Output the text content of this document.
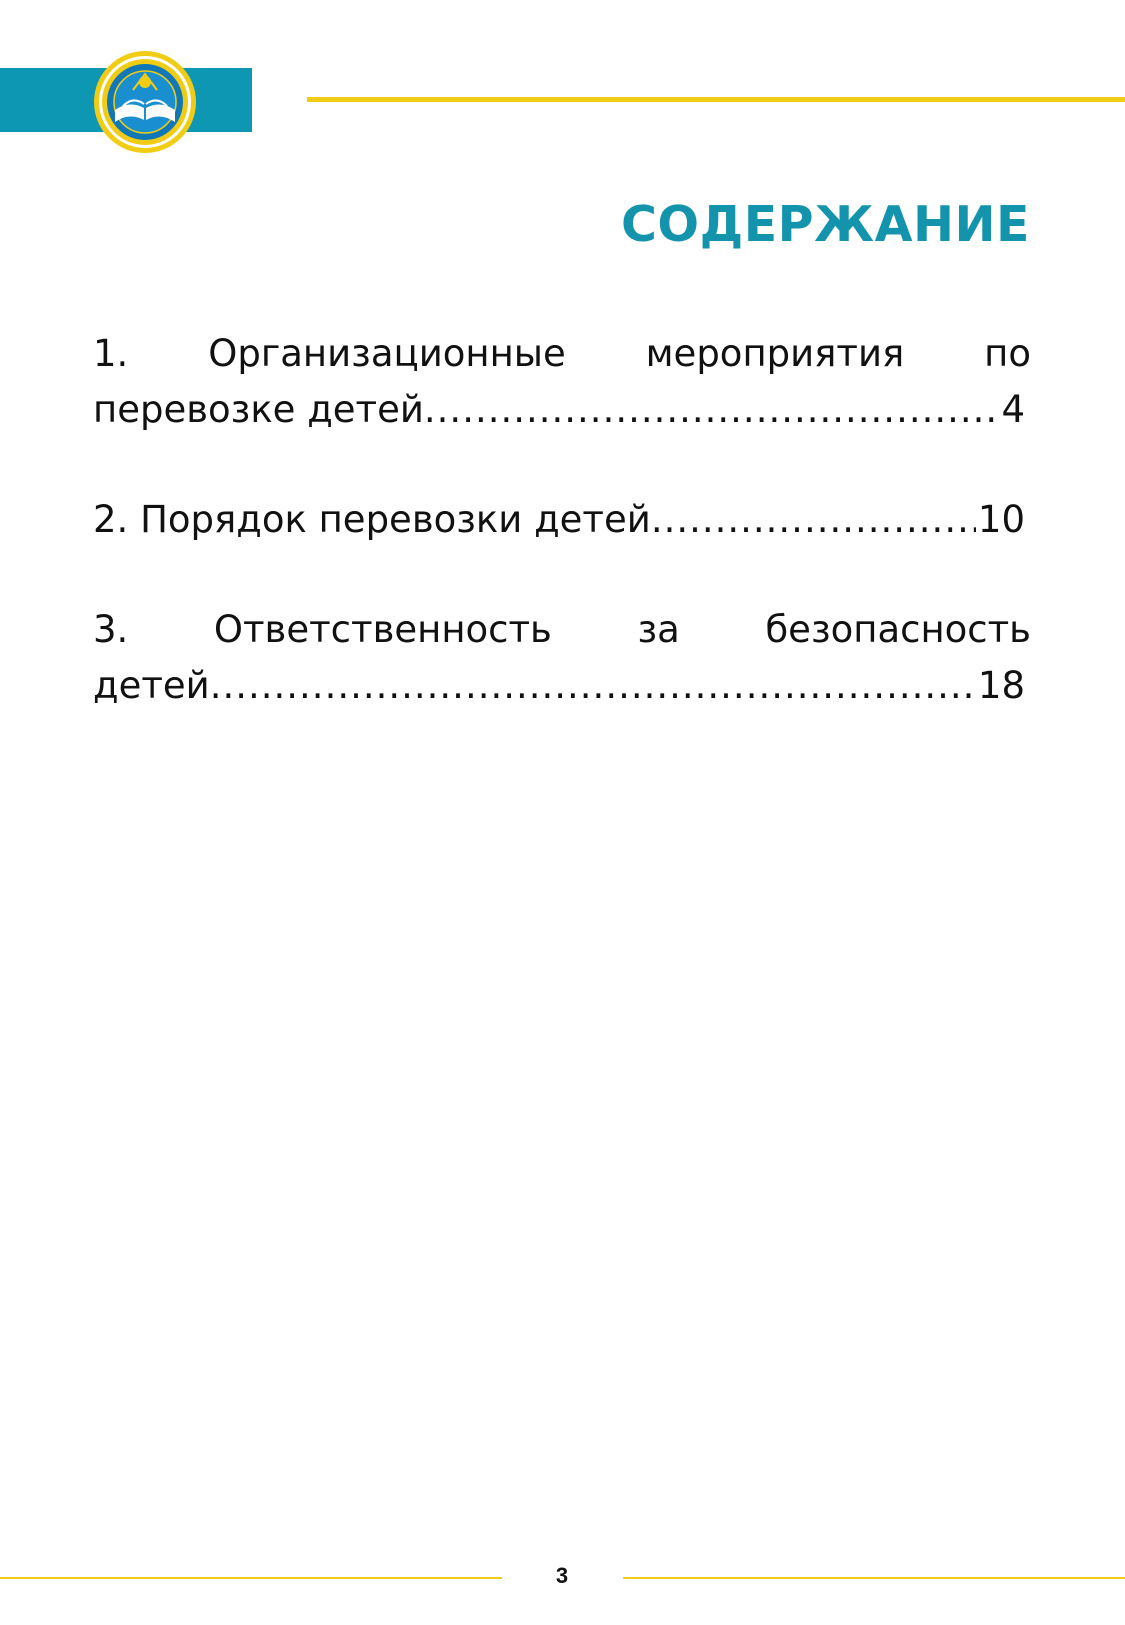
СОДЕРЖАНИЕ
1. Организационные мероприятия по
перевозке детей .....	4
2.
Порядок перевозки детей .....	10
3. Ответственность за безопасность
детей .....	18
3
